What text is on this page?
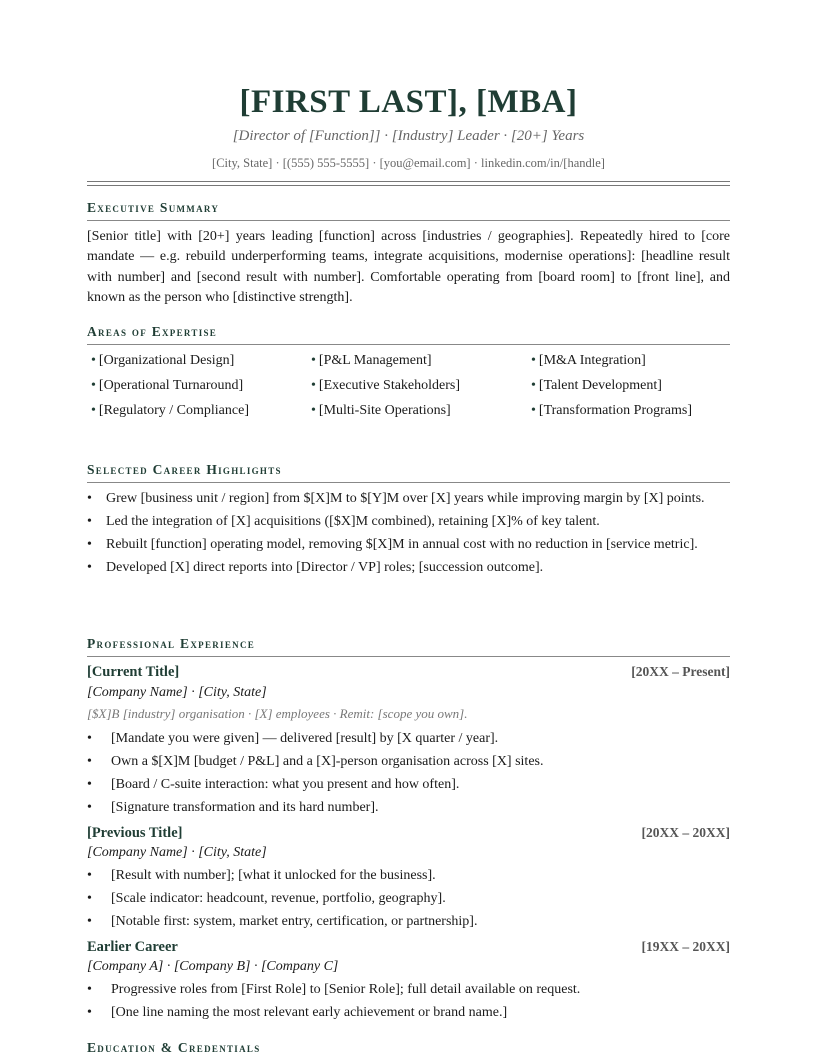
[FIRST LAST], [MBA]
[Director of [Function]] · [Industry] Leader · [20+] Years
[City, State] · [(555) 555-5555] · [you@email.com] · linkedin.com/in/[handle]
Executive Summary

[Senior title] with [20+] years leading [function] across [industries / geographies]. Repeatedly hired to [core mandate — e.g. rebuild underperforming teams, integrate acquisitions, modernise operations]: [headline result with number] and [second result with number]. Comfortable operating from [board room] to [front line], and known as the person who [distinctive strength].

Areas of Expertise
• [Organizational Design]	• [P&L Management]	• [M&A Integration]
• [Operational Turnaround]	• [Executive Stakeholders]	• [Talent Development]
• [Regulatory / Compliance]	• [Multi-Site Operations]	• [Transformation Programs]
Selected Career Highlights
• Grew [business unit / region] from $[X]M to $[Y]M over [X] years while improving margin by [X] points.
• Led the integration of [X] acquisitions ([$X]M combined), retaining [X]% of key talent.
• Rebuilt [function] operating model, removing $[X]M in annual cost with no reduction in [service metric].
• Developed [X] direct reports into [Director / VP] roles; [succession outcome].
Professional Experience
[Current Title]	[20XX – Present]
[Company Name] · [City, State]
[$X]B [industry] organisation · [X] employees · Remit: [scope you own].
• [Mandate you were given] — delivered [result] by [X quarter / year].
• Own a $[X]M [budget / P&L] and a [X]-person organisation across [X] sites.
• [Board / C-suite interaction: what you present and how often].
• [Signature transformation and its hard number].
[Previous Title]	[20XX – 20XX]
[Company Name] · [City, State]
• [Result with number]; [what it unlocked for the business].
• [Scale indicator: headcount, revenue, portfolio, geography].
• [Notable first: system, market entry, certification, or partnership].
Earlier Career	[19XX – 20XX]
[Company A] · [Company B] · [Company C]
• Progressive roles from [First Role] to [Senior Role]; full detail available on request.
• [One line naming the most relevant early achievement or brand name.]
Education & Credentials
